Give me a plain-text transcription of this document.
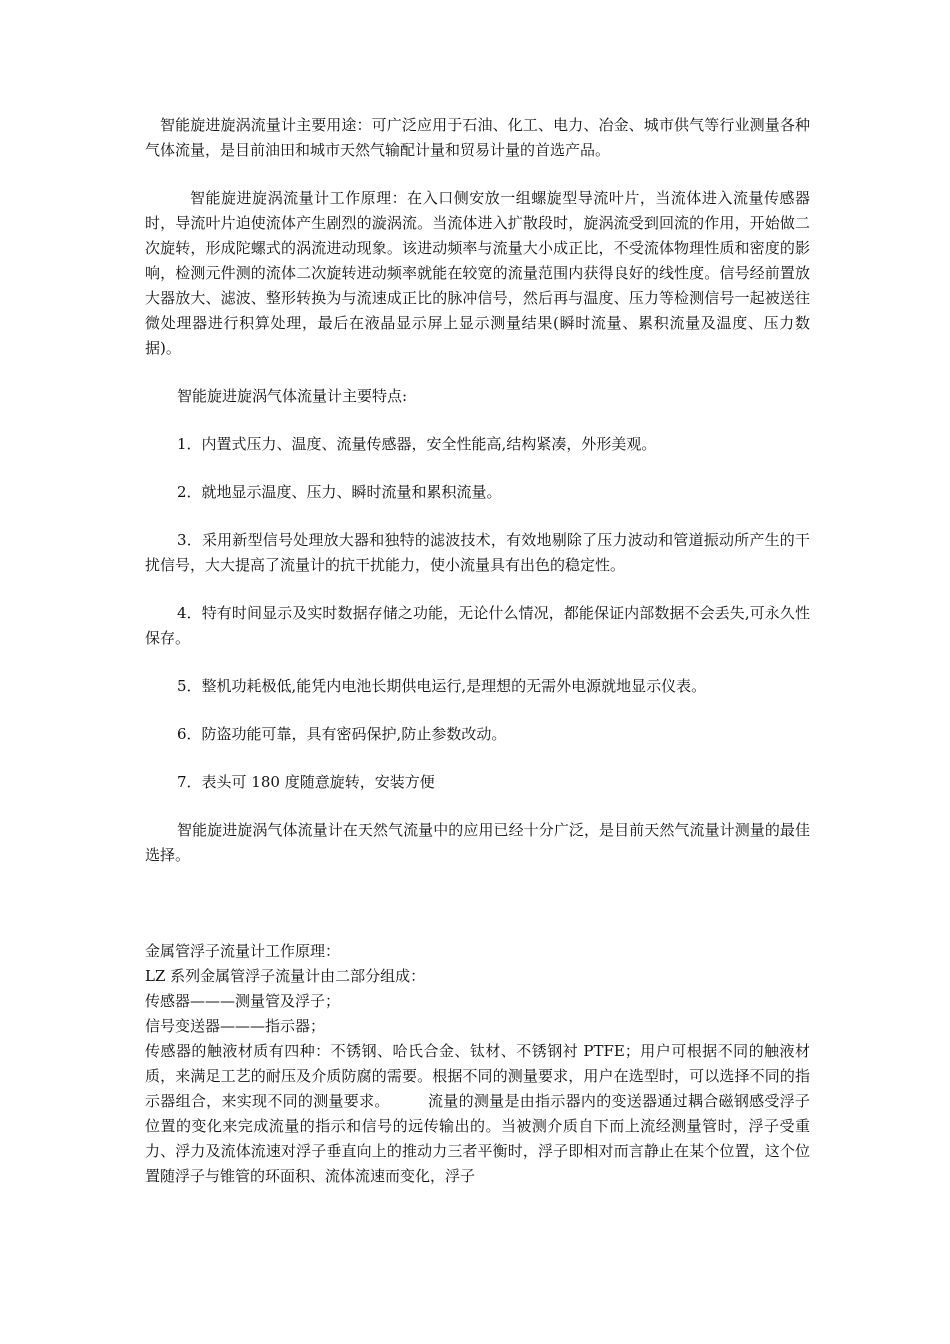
智能旋进旋涡流量计主要用途：可广泛应用于石油、化工、电力、冶金、城市供气等行业测量各种气体流量，是目前油田和城市天然气输配计量和贸易计量的首选产品。

智能旋进旋涡流量计工作原理：在入口侧安放一组螺旋型导流叶片，当流体进入流量传感器时，导流叶片迫使流体产生剧烈的漩涡流。当流体进入扩散段时，旋涡流受到回流的作用，开始做二次旋转，形成陀螺式的涡流进动现象。该进动频率与流量大小成正比，不受流体物理性质和密度的影响，检测元件测的流体二次旋转进动频率就能在较宽的流量范围内获得良好的线性度。信号经前置放大器放大、滤波、整形转换为与流速成正比的脉冲信号，然后再与温度、压力等检测信号一起被送往微处理器进行积算处理，最后在液晶显示屏上显示测量结果(瞬时流量、累积流量及温度、压力数据)。

智能旋进旋涡气体流量计主要特点:

1．内置式压力、温度、流量传感器，安全性能高,结构紧凑，外形美观。

2．就地显示温度、压力、瞬时流量和累积流量。

3．采用新型信号处理放大器和独特的滤波技术，有效地剔除了压力波动和管道振动所产生的干扰信号，大大提高了流量计的抗干扰能力，使小流量具有出色的稳定性。

4．特有时间显示及实时数据存储之功能，无论什么情况，都能保证内部数据不会丢失,可永久性保存。

5．整机功耗极低,能凭内电池长期供电运行,是理想的无需外电源就地显示仪表。

6．防盗功能可靠，具有密码保护,防止参数改动。

7．表头可 180 度随意旋转，安装方便

智能旋进旋涡气体流量计在天然气流量中的应用已经十分广泛，是目前天然气流量计测量的最佳选择。

金属管浮子流量计工作原理：

LZ 系列金属管浮子流量计由二部分组成：

传感器———测量管及浮子；

信号变送器———指示器；

传感器的触液材质有四种：不锈钢、哈氏合金、钛材、不锈钢衬 PTFE；用户可根据不同的触液材质，来满足工艺的耐压及介质防腐的需要。根据不同的测量要求，用户在选型时，可以选择不同的指示器组合，来实现不同的测量要求。　　　流量的测量是由指示器内的变送器通过耦合磁钢感受浮子位置的变化来完成流量的指示和信号的远传输出的。当被测介质自下而上流经测量管时，浮子受重力、浮力及流体流速对浮子垂直向上的推动力三者平衡时，浮子即相对而言静止在某个位置，这个位置随浮子与锥管的环面积、流体流速而变化，浮子
